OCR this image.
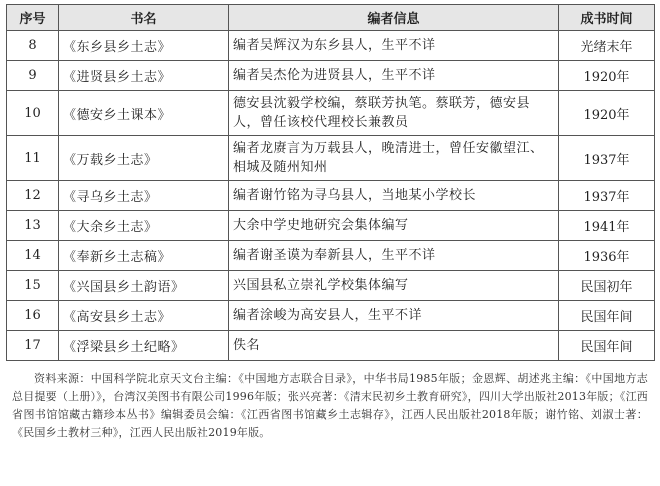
序号	书名	编者信息	成书时间
8	《东乡县乡土志》	编者吴辉汉为东乡县人，生平不详	光绪末年
9	《进贤县乡土志》	编者吴杰伦为进贤县人，生平不详	1920年
10	《德安乡土课本》	德安县沈毅学校编，蔡联芳执笔。蔡联芳，德安县人，曾任该校代理校长兼教员	1920年
11	《万载乡土志》	编者龙赓言为万载县人，晚清进士，曾任安徽望江、相城及随州知州	1937年
12	《寻乌乡土志》	编者谢竹铭为寻乌县人，当地某小学校长	1937年
13	《大余乡土志》	大余中学史地研究会集体编写	1941年
14	《奉新乡土志稿》	编者谢圣谟为奉新县人，生平不详	1936年
15	《兴国县乡土韵语》	兴国县私立崇礼学校集体编写	民国初年
16	《高安县乡土志》	编者涂峻为高安县人，生平不详	民国年间
17	《浮梁县乡土纪略》	佚名	民国年间

资料来源：中国科学院北京天文台主编：《中国地方志联合目录》，中华书局1985年版；金恩辉、胡述兆主编：《中国地方志总目提要（上册）》，台湾汉美图书有限公司1996年版；张兴亮著：《清末民初乡土教育研究》，四川大学出版社2013年版；《江西省图书馆馆藏古籍珍本丛书》编辑委员会编：《江西省图书馆藏乡土志辑存》，江西人民出版社2018年版；谢竹铭、刘淑士著：《民国乡土教材三种》，江西人民出版社2019年版。
